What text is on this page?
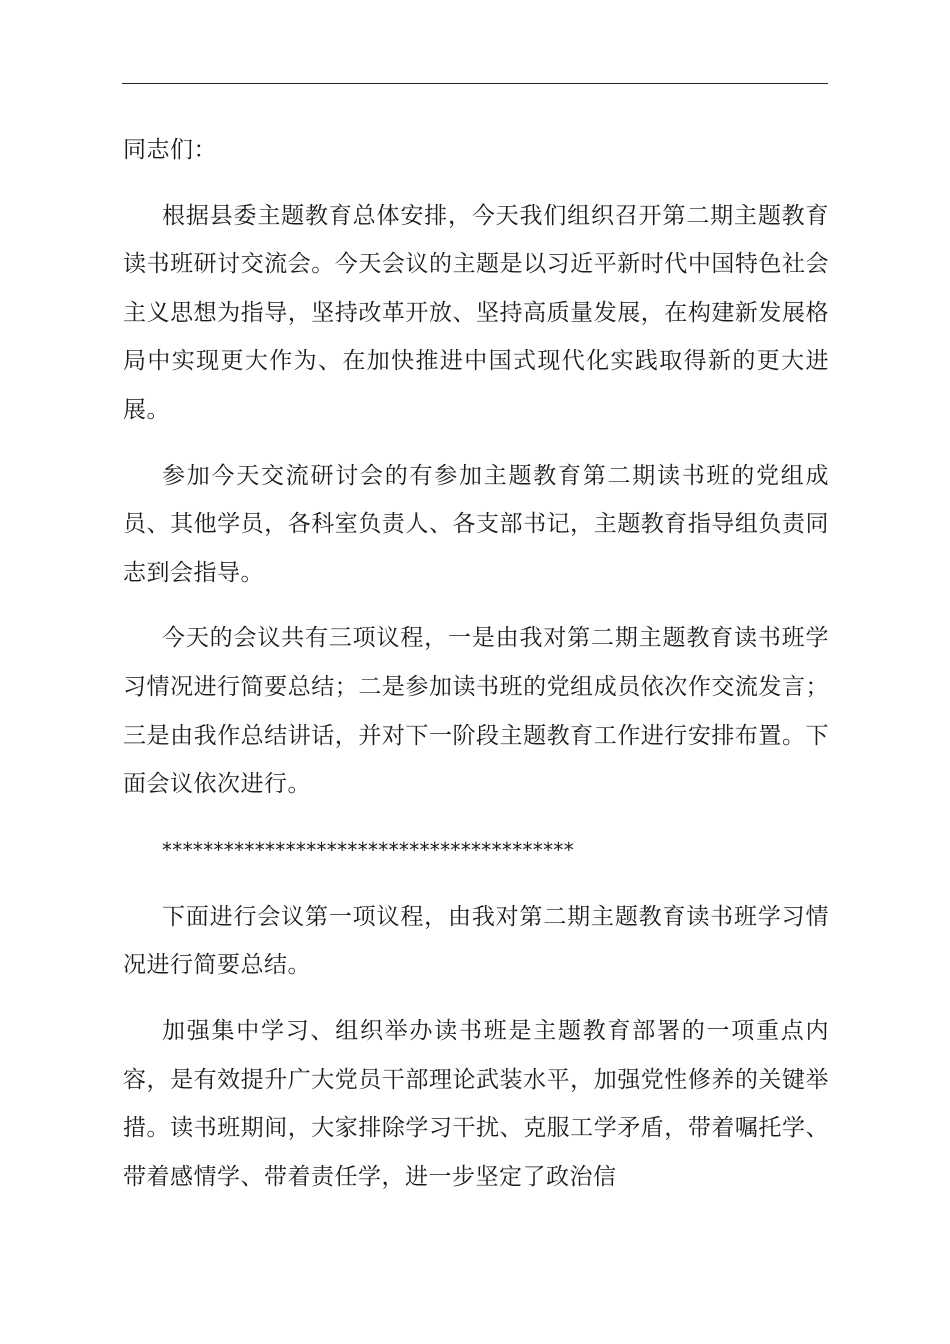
同志们：

根据县委主题教育总体安排，今天我们组织召开第二期主题教育读书班研讨交流会。今天会议的主题是以习近平新时代中国特色社会主义思想为指导，坚持改革开放、坚持高质量发展，在构建新发展格局中实现更大作为、在加快推进中国式现代化实践取得新的更大进展。

参加今天交流研讨会的有参加主题教育第二期读书班的党组成员、其他学员，各科室负责人、各支部书记，主题教育指导组负责同志到会指导。

今天的会议共有三项议程，一是由我对第二期主题教育读书班学习情况进行简要总结；二是参加读书班的党组成员依次作交流发言；三是由我作总结讲话，并对下一阶段主题教育工作进行安排布置。下面会议依次进行。

****************************************

下面进行会议第一项议程，由我对第二期主题教育读书班学习情况进行简要总结。

加强集中学习、组织举办读书班是主题教育部署的一项重点内容，是有效提升广大党员干部理论武装水平，加强党性修养的关键举措。读书班期间，大家排除学习干扰、克服工学矛盾，带着嘱托学、带着感情学、带着责任学，进一步坚定了政治信
